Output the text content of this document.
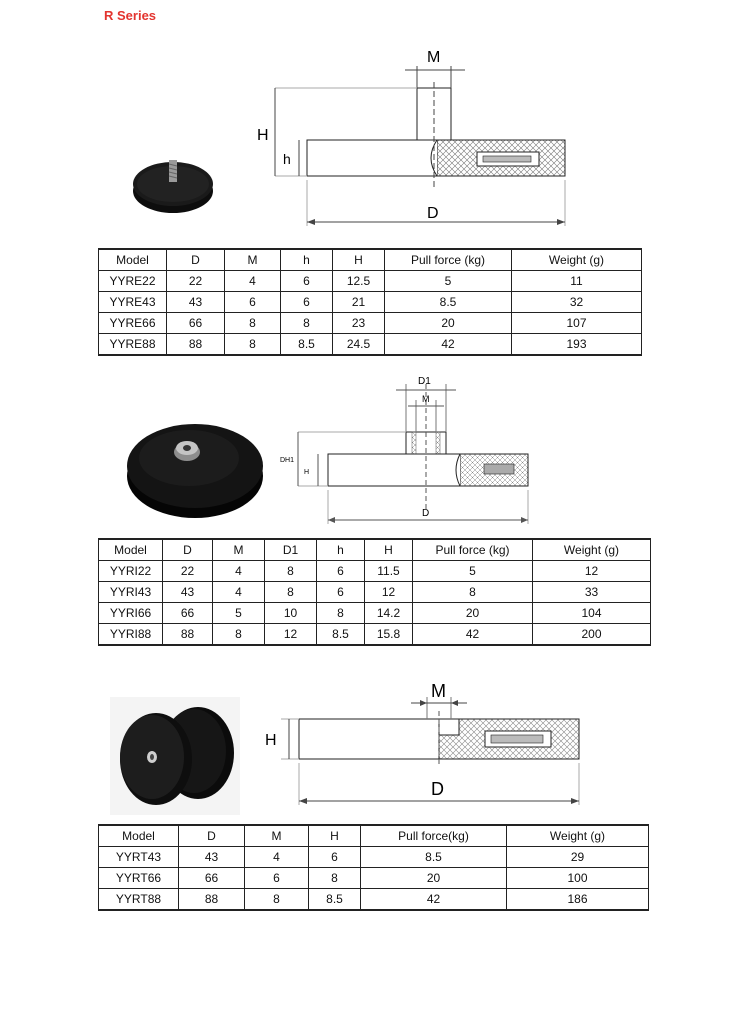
R Series
M
H
h
D
Model	D	M	h	H	Pull force (kg)	Weight (g)
YYRE22	22	4	6	12.5	5	11
YYRE43	43	6	6	21	8.5	32
YYRE66	66	8	8	23	20	107
YYRE88	88	8	8.5	24.5	42	193
D1
M
DH1
H
D
Model	D	M	D1	h	H	Pull force (kg)	Weight (g)
YYRI22	22	4	8	6	11.5	5	12
YYRI43	43	4	8	6	12	8	33
YYRI66	66	5	10	8	14.2	20	104
YYRI88	88	8	12	8.5	15.8	42	200
M
H
D
Model	D	M	H	Pull force(kg)	Weight (g)
YYRT43	43	4	6	8.5	29
YYRT66	66	6	8	20	100
YYRT88	88	8	8.5	42	186
